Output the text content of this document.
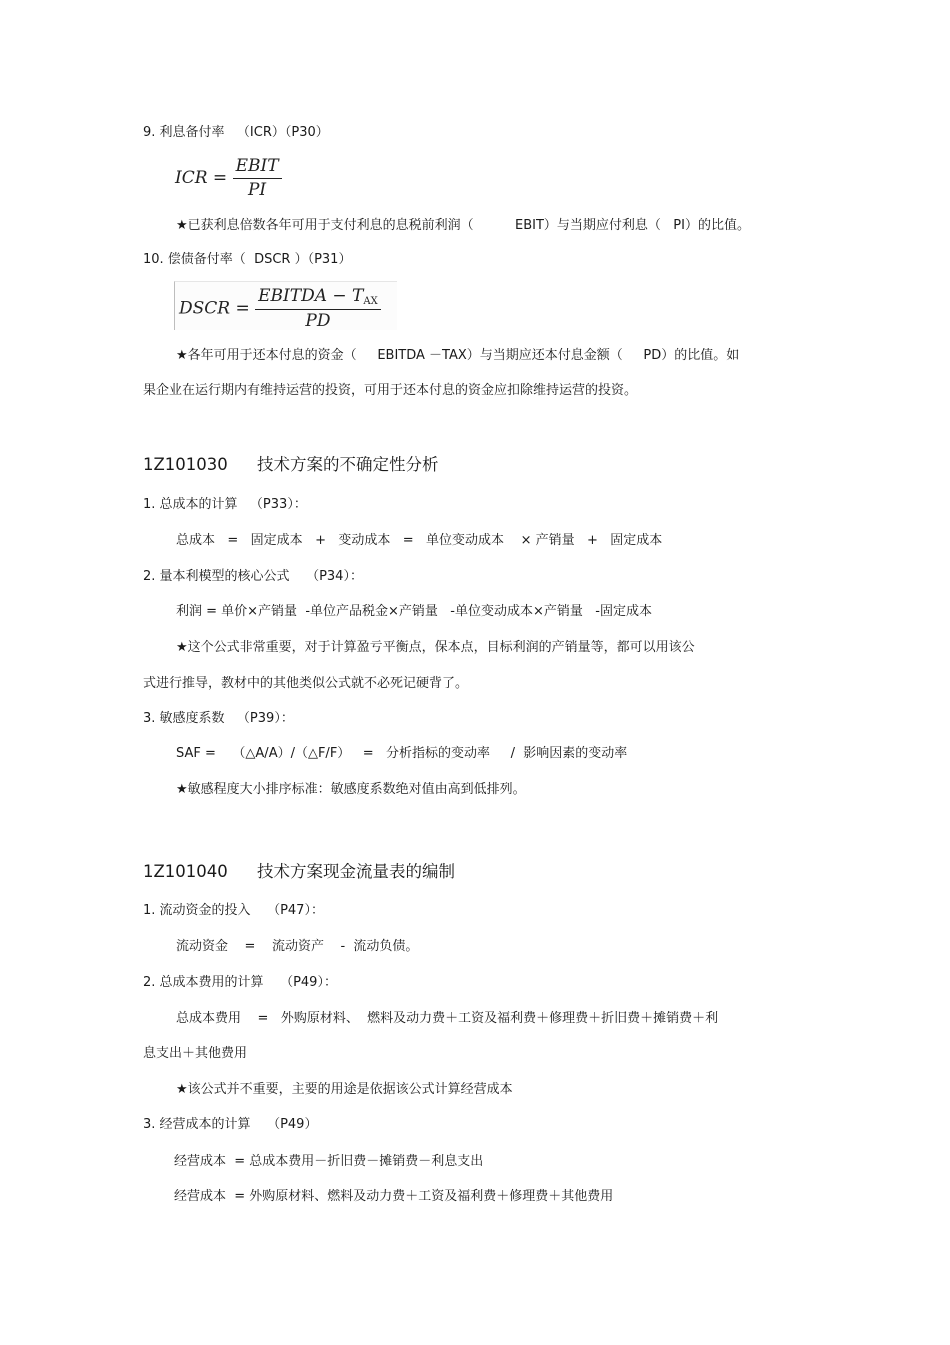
9. 利息备付率   （ICR）（P30）
ICR = $\frac{\text{EBIT}}{PI}$
★已获利息倍数各年可用于支付利息的息税前利润（          EBIT）与当期应付利息（   PI）的比值。
10. 偿债备付率（  DSCR ）（P31）
DSCR = $\frac{EBITDA - T_{AX}}{PD}$
★各年可用于还本付息的资金（     EBITDA －TAX）与当期应还本付息金额（     PD）的比值。如
果企业在运行期内有维持运营的投资，可用于还本付息的资金应扣除维持运营的投资。
1Z101030 技术方案的不确定性分析
1. 总成本的计算   （P33）：
总成本   =   固定成本   +   变动成本   =   单位变动成本    × 产销量   +   固定成本
2. 量本利模型的核心公式    （P34）：
利润 = 单价×产销量  -单位产品税金×产销量   -单位变动成本×产销量   -固定成本
★这个公式非常重要，对于计算盈亏平衡点，保本点，目标利润的产销量等，都可以用该公
式进行推导，教材中的其他类似公式就不必死记硬背了。
3. 敏感度系数   （P39）：
SAF =    （△A/A）/（△F/F）   =   分析指标的变动率     /  影响因素的变动率
★敏感程度大小排序标准：敏感度系数绝对值由高到低排列。
1Z101040 技术方案现金流量表的编制
1. 流动资金的投入    （P47）：
流动资金    =    流动资产    -  流动负债。
2. 总成本费用的计算    （P49）：
总成本费用    =   外购原材料、  燃料及动力费＋工资及福利费＋修理费＋折旧费＋摊销费＋利
息支出＋其他费用
★该公式并不重要，主要的用途是依据该公式计算经营成本
3. 经营成本的计算    （P49）
经营成本  = 总成本费用－折旧费－摊销费－利息支出
经营成本  = 外购原材料、燃料及动力费＋工资及福利费＋修理费＋其他费用
